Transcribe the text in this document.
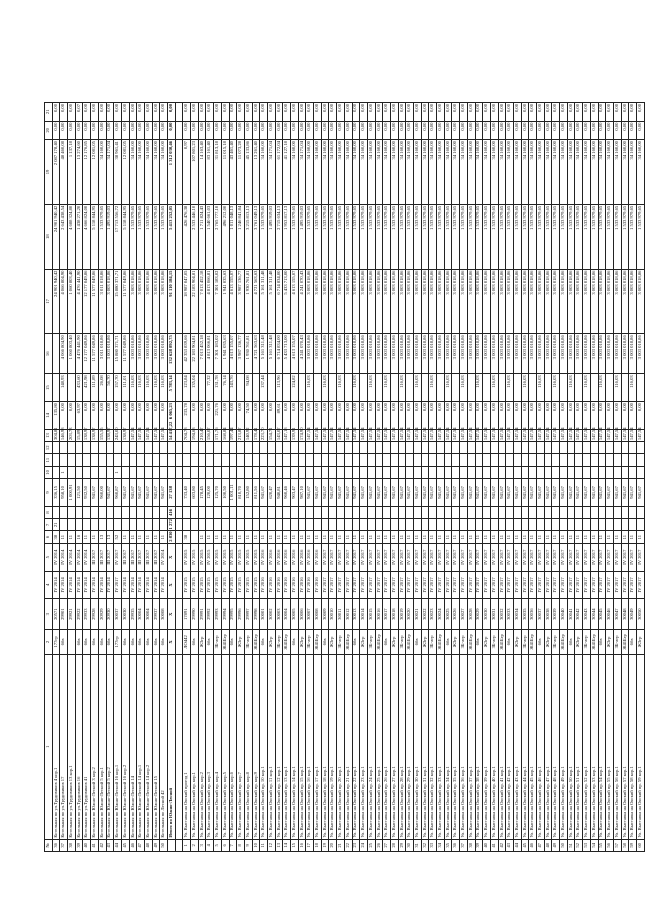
№	1	2	3	4	5	6	7	8	9	10	11	12	13	14	15	16	17	18	19	20	21
36	Котельная по ул.Трудовиков 4 кор.1	177гр	20571	IV 2014	IV 2014	38	21		336,15				304,81	135,80			24 901 940,42	24 901 940,42	2 087 178,40	0,00	0,00
37	Котельная по ул.Трудовиков 17	6бв	29901	IV 2014	IV 2014	11			958,10	1			146,98	0,00	148,93	4 066 804,90	4 066 804,90	2 643 438,54	48 460,08	0,00	0,00
38	Котельная по ул.Трудовиков 13 кор.1		29921	IV 2014	IV 2014	11			1 000,91				203,73	0,00		1 060 803,40	1 060 803,40	4 688 324,80	1 137,18	0,00	0,00
39	Котельная по ул.Трудовиков 16	6бв	29922	IV 2014	IV 2014	16			121,50				15,89	63,97	433,60	4 476 441,90	4 476 441,90	1 438 271,20	13 274,60	0,00	0,07
40	Котельная по ул.Трудовиков 41	6бв	29933	IV 2014	IV 2014	11			932,50				138,97	0,00	421,98	12 177 049,86	12 177 049,86	4 666 824,00	12 176,85	0,00	0,00
41	Котельная по Южно-Лесной 3 кор.2	6бв	29928	IV 2014	III 2017	11			941,67				138,97	0,00	111,89	11 577 049,86	11 577 049,86	5 118 844,95	12 081,05	0,00	0,00
42	Котельная по Южно-Лесной 5 кор.1	6бв	20929	IV 2014	III 2017	13			960,00				155,55	0,00	26,08	3 011 018,86	3 011 018,86	1 533 979,65	34 160,00	0,00	0,00
43	Котельная по Южно-Лесной 5 кор.2	6бв	20930	IV 2014	III 2017	13			941,67				138,97	0,00	56,70	3 003 018,86	3 003 018,86	1 495 919,03	34 171,04	0,00	0,00
44	Котельная по Южно-Лесной 16 кор.1	177гр	30037	IV 2017	IV 2017	52			960,87	1			243,00	0,00	157,70	15 880 371,71	15 880 371,71	17 713 556,72	38 961,41	0,00	0,00
45	Котельная по Южно-Лесной 16 кор.2	6бв	30030	IV 2014	III 2017	11			941,67				138,97	0,00	111,01	11 577 049,86	11 577 049,86	5 118 844,95	12 081,05	0,00	0,00
46	Котельная по Южно-Лесной 14	6бв	29935	IV 2014	III 2017	11			941,67				147,54	0,00	116,03	3 003 018,86	3 003 018,86	1 533 979,65	34 160,00	0,00	0,00
47	Котельная по Южно-Лесной 14 кор.1	6бв	30004	IV 2014	III 2017	11			941,67				147,54	0,00	116,03	3 003 018,86	3 003 018,86	1 533 979,65	34 160,00	0,00	0,00
48	Котельная по Южно-Лесной 14 кор.2	6бв	30004	IV 2014	III 2017	11			941,67				147,54	0,00	116,03	3 003 018,86	3 003 018,86	1 533 979,65	34 160,00	0,00	0,00
49	Котельная по Южно-Лесной 15	6бв	29937	IV 2014	III 2017	11			941,67				147,54	0,00	116,03	3 003 018,86	3 003 018,86	1 533 979,65	34 160,00	0,00	0,00
50	Котельная по Лесной 42	6бв	30008	IV 2014	IV 2014	11			941,67				147,54	0,00	116,03	3 003 018,86	3 003 018,86	1 533 979,65	34 160,00	0,00	0,00
	Итого по Южно-Лесной	X	X	X	X	2 830	1 272	416	27 138				14 417,22	6 065,23	5 783,14	132 628 892,75	91 110 184,15	5 413 252,05	1 312 030,46	0,00	0,00

1	Ул. Выставка на Окский проезд 1	ЛО442	17891	IV 2015	IV 2015	38			733,40				704,78	233,78	123,84	42 353 839,66	18 987 047,05	426 476,38	0,97	0,00	0,00
2	Ул. Выставка на Окский пр. кор.1	6бв	29990	IV 2015	IV 2015				603,80				194,68	0,00	135,04	22 183 904,81	22 183 904,81	2 533 446,10	107 801,23	0,00	0,00
3	Ул. Выставка на Окский пр. кор.2	Ж3гр	29991	IV 2015	IV 2015	11			178,45				210,47	0,00		7 013 452,18	7 013 452,18	1 711 824,43	14 163,40	0,00	0,00
4	Ул. Выставка на Окский пр. кор.3	6бв	29992	IV 2015	IV 2015	11			120,00				156,07	0,00	77,32	4 813 066,81	4 813 066,81	1 540 661,03	83 161,40	0,00	0,00
5	Ул. Выставка на Окский пр. кор.4	3Б-лгр	29993	IV 2015	IV 2015	11			125,70				171,76	221,76	131,78	7 301 183,02	7 301 183,02	2 765 777,10	31 813,18	0,00	0,00
6	Ул. Выставка на Окский пр. кор.5	Ж41Бгр	29994	IV 2015	IV 2015	11			100,50				168,84	0,00	76,14	1 941 035,63	1 941 035,63	496 212,00	11 015,18	0,00	0,00
7	Ул. Выставка на Окский пр. кор.6	6бв	29995	IV 2015	IV 2015	11			1 001,11				197,44	0,00	143,76	4 613 155,07	4 613 155,07	1 011 048,13	43 461,40	0,00	0,00
8	Ул. Выставка на Окский пр. кор.7	Ж3гр	29996	IV 2015	IV 2015	11			810,70				213,87	0,00		3 987 136,77	3 987 136,77	1 246 841,84	11 073,28	0,00	0,00
9	Ул. Выставка на Окский пр. кор.8	3Б-лгр	29997	IV 2015	IV 2015	11			152,80				140,92	74,50	94,08	1 930 761,81	1 930 761,81	3 215 813,13	45 133,86	0,00	0,00
10	Ул. Выставка на Окский пр. кор.9	Ж41Бгр	29998	IV 2015	IV 2015	11			811,56				178,41	0,00		4 721 563,63	4 721 563,63	3 761 049,13	13 261,40	0,00	0,00
11	Ул. Выставка на Окский пр. 10 кор.1	6бв	30001	IV 2016	IV 2016	11			941,67				223,70	0,00	137,44	5 161 311,48	5 161 311,48	1 533 979,65	34 160,00	0,00	0,00
12	Ул. Выставка на Окский пр. 11 кор.1	Ж3гр	30002	IV 2016	IV 2016	11			620,47				154,71	0,00		5 161 311,48	5 161 311,48	1 495 919,03	34 171,04	0,00	0,00
13	Ул. Выставка на Окский пр. 12 кор.1	3Б-лгр	30003	IV 2016	IV 2016	11			940,81				143,07	89,61	113,96	6 714 834,00	6 714 834,00	2 715 634,13	61 172,04	0,00	0,00
14	Ул. Выставка на Окский пр. 13 кор.1	Ж41Бгр	30004	IV 2016	IV 2016	11			960,46				147,18	0,00		5 433 713,00	5 433 713,00	1 953 817,13	41 127,18	0,00	0,00
15	Ул. Выставка на Окский пр. 14 кор.1	6бв	30005	IV 2016	IV 2016	11			903,47				139,91	0,00	124,82	4 613 155,07	4 613 155,07	1 533 979,65	34 160,00	0,00	0,00
16	Ул. Выставка на Окский пр. 15 кор.1	Ж3гр	30006	IV 2016	IV 2016	11			987,10				174,90	0,00		4 241 070,43	4 241 070,43	1 495 919,03	34 171,04	0,00	0,00
17	Ул. Выставка на Окский пр. 16 кор.1	3Б-лгр	30007	IV 2016	IV 2016	11			941,67				147,54	0,00	116,03	3 003 018,86	3 003 018,86	1 533 979,65	34 160,00	0,00	0,00
18	Ул. Выставка на Окский пр. 17 кор.1	Ж41Бгр	30008	IV 2016	IV 2016	11			941,67				147,54	0,00		3 003 018,86	3 003 018,86	1 533 979,65	34 160,00	0,00	0,00
19	Ул. Выставка на Окский пр. 18 кор.1	6бв	30009	IV 2017	IV 2017	11			941,67				147,54	0,00	116,03	3 003 018,86	3 003 018,86	1 533 979,65	34 160,00	0,00	0,00
20	Ул. Выставка на Окский пр. 19 кор.1	Ж3гр	30010	IV 2017	IV 2017	11			941,67				147,54	0,00		3 003 018,86	3 003 018,86	1 533 979,65	34 160,00	0,00	0,00
21	Ул. Выставка на Окский пр. 20 кор.1	3Б-лгр	30011	IV 2017	IV 2017	11			941,67				147,54	0,00	116,03	3 003 018,86	3 003 018,86	1 533 979,65	34 160,00	0,00	0,00
22	Ул. Выставка на Окский пр. 21 кор.1	Ж41Бгр	30012	IV 2017	IV 2017	11			941,67				147,54	0,00		3 003 018,86	3 003 018,86	1 533 979,65	34 160,00	0,00	0,00
23	Ул. Выставка на Окский пр. 22 кор.1	6бв	30013	IV 2017	IV 2017	11			941,67				147,54	0,00	116,03	3 003 018,86	3 003 018,86	1 533 979,65	34 160,00	0,00	0,00
24	Ул. Выставка на Окский пр. 23 кор.1	Ж3гр	30014	IV 2017	IV 2017	11			941,67				147,54	0,00		3 003 018,86	3 003 018,86	1 533 979,65	34 160,00	0,00	0,00
25	Ул. Выставка на Окский пр. 24 кор.1	3Б-лгр	30015	IV 2017	IV 2017	11			941,67				147,54	0,00	116,03	3 003 018,86	3 003 018,86	1 533 979,65	34 160,00	0,00	0,00
26	Ул. Выставка на Окский пр. 25 кор.1	Ж41Бгр	30016	IV 2017	IV 2017	11			941,67				147,54	0,00		3 003 018,86	3 003 018,86	1 533 979,65	34 160,00	0,00	0,00
27	Ул. Выставка на Окский пр. 26 кор.1	6бв	30017	IV 2017	IV 2017	11			941,67				147,54	0,00	116,03	3 003 018,86	3 003 018,86	1 533 979,65	34 160,00	0,00	0,00
28	Ул. Выставка на Окский пр. 27 кор.1	Ж3гр	30018	IV 2017	IV 2017	11			941,67				147,54	0,00		3 003 018,86	3 003 018,86	1 533 979,65	34 160,00	0,00	0,00
29	Ул. Выставка на Окский пр. 28 кор.1	3Б-лгр	30019	IV 2017	IV 2017	11			941,67				147,54	0,00	116,03	3 003 018,86	3 003 018,86	1 533 979,65	34 160,00	0,00	0,00
30	Ул. Выставка на Окский пр. 29 кор.1	Ж41Бгр	30020	IV 2017	IV 2017	11			941,67				147,54	0,00		3 003 018,86	3 003 018,86	1 533 979,65	34 160,00	0,00	0,00
31	Ул. Выставка на Окский пр. 30 кор.1	6бв	30021	IV 2017	IV 2017	11			941,67				147,54	0,00	116,03	3 003 018,86	3 003 018,86	1 533 979,65	34 160,00	0,00	0,00
32	Ул. Выставка на Окский пр. 31 кор.1	Ж3гр	30022	IV 2017	IV 2017	11			941,67				147,54	0,00		3 003 018,86	3 003 018,86	1 533 979,65	34 160,00	0,00	0,00
33	Ул. Выставка на Окский пр. 32 кор.1	3Б-лгр	30023	IV 2017	IV 2017	11			941,67				147,54	0,00	116,03	3 003 018,86	3 003 018,86	1 533 979,65	34 160,00	0,00	0,00
34	Ул. Выставка на Окский пр. 33 кор.1	Ж41Бгр	30024	IV 2017	IV 2017	11			941,67				147,54	0,00		3 003 018,86	3 003 018,86	1 533 979,65	34 160,00	0,00	0,00
35	Ул. Выставка на Окский пр. 34 кор.1	6бв	30025	IV 2017	IV 2017	11			941,67				147,54	0,00	116,03	3 003 018,86	3 003 018,86	1 533 979,65	34 160,00	0,00	0,00
36	Ул. Выставка на Окский пр. 35 кор.1	Ж3гр	30026	IV 2017	IV 2017	11			941,67				147,54	0,00		3 003 018,86	3 003 018,86	1 533 979,65	34 160,00	0,00	0,00
37	Ул. Выставка на Окский пр. 36 кор.1	3Б-лгр	30027	IV 2017	IV 2017	11			941,67				147,54	0,00	116,03	3 003 018,86	3 003 018,86	1 533 979,65	34 160,00	0,00	0,00
38	Ул. Выставка на Окский пр. 37 кор.1	Ж41Бгр	30028	IV 2017	IV 2017	11			941,67				147,54	0,00		3 003 018,86	3 003 018,86	1 533 979,65	34 160,00	0,00	0,00
39	Ул. Выставка на Окский пр. 38 кор.1	6бв	30029	IV 2017	IV 2017	11			941,67				147,54	0,00	116,03	3 003 018,86	3 003 018,86	1 533 979,65	34 160,00	0,00	0,00
40	Ул. Выставка на Окский пр. 39 кор.1	Ж3гр	30030	IV 2017	IV 2017	11			941,67				147,54	0,00		3 003 018,86	3 003 018,86	1 533 979,65	34 160,00	0,00	0,00
41	Ул. Выставка на Окский пр. 40 кор.1	3Б-лгр	30031	IV 2017	IV 2017	11			941,67				147,54	0,00	116,03	3 003 018,86	3 003 018,86	1 533 979,65	34 160,00	0,00	0,00
42	Ул. Выставка на Окский пр. 41 кор.1	Ж41Бгр	30032	IV 2017	IV 2017	11			941,67				147,54	0,00		3 003 018,86	3 003 018,86	1 533 979,65	34 160,00	0,00	0,00
43	Ул. Выставка на Окский пр. 42 кор.1	6бв	30033	IV 2017	IV 2017	11			941,67				147,54	0,00	116,03	3 003 018,86	3 003 018,86	1 533 979,65	34 160,00	0,00	0,00
44	Ул. Выставка на Окский пр. 43 кор.1	Ж3гр	30034	IV 2017	IV 2017	11			941,67				147,54	0,00		3 003 018,86	3 003 018,86	1 533 979,65	34 160,00	0,00	0,00
45	Ул. Выставка на Окский пр. 44 кор.1	3Б-лгр	30035	IV 2017	IV 2017	11			941,67				147,54	0,00	116,03	3 003 018,86	3 003 018,86	1 533 979,65	34 160,00	0,00	0,00
46	Ул. Выставка на Окский пр. 45 кор.1	Ж41Бгр	30036	IV 2017	IV 2017	11			941,67				147,54	0,00		3 003 018,86	3 003 018,86	1 533 979,65	34 160,00	0,00	0,00
47	Ул. Выставка на Окский пр. 46 кор.1	6бв	30037	IV 2017	IV 2017	11			941,67				147,54	0,00	116,03	3 003 018,86	3 003 018,86	1 533 979,65	34 160,00	0,00	0,00
48	Ул. Выставка на Окский пр. 47 кор.1	Ж3гр	30038	IV 2017	IV 2017	11			941,67				147,54	0,00		3 003 018,86	3 003 018,86	1 533 979,65	34 160,00	0,00	0,00
49	Ул. Выставка на Окский пр. 48 кор.1	3Б-лгр	30039	IV 2017	IV 2017	11			941,67				147,54	0,00	116,03	3 003 018,86	3 003 018,86	1 533 979,65	34 160,00	0,00	0,00
50	Ул. Выставка на Окский пр. 49 кор.1	Ж41Бгр	30040	IV 2017	IV 2017	11			941,67				147,54	0,00		3 003 018,86	3 003 018,86	1 533 979,65	34 160,00	0,00	0,00
51	Ул. Выставка на Окский пр. 50 кор.1	6бв	30041	IV 2017	IV 2017	11			941,67				147,54	0,00	116,03	3 003 018,86	3 003 018,86	1 533 979,65	34 160,00	0,00	0,00
52	Ул. Выставка на Окский пр. 51 кор.1	Ж3гр	30042	IV 2017	IV 2017	11			941,67				147,54	0,00		3 003 018,86	3 003 018,86	1 533 979,65	34 160,00	0,00	0,00
53	Ул. Выставка на Окский пр. 52 кор.1	3Б-лгр	30043	IV 2017	IV 2017	11			941,67				147,54	0,00	116,03	3 003 018,86	3 003 018,86	1 533 979,65	34 160,00	0,00	0,00
54	Ул. Выставка на Окский пр. 53 кор.1	Ж41Бгр	30044	IV 2017	IV 2017	11			941,67				147,54	0,00		3 003 018,86	3 003 018,86	1 533 979,65	34 160,00	0,00	0,00
55	Ул. Выставка на Окский пр. 54 кор.1	6бв	30045	IV 2017	IV 2017	11			941,67				147,54	0,00	116,03	3 003 018,86	3 003 018,86	1 533 979,65	34 160,00	0,00	0,00
56	Ул. Выставка на Окский пр. 55 кор.1	Ж3гр	30046	IV 2017	IV 2017	11			941,67				147,54	0,00		3 003 018,86	3 003 018,86	1 533 979,65	34 160,00	0,00	0,00
57	Ул. Выставка на Окский пр. 56 кор.1	3Б-лгр	30047	IV 2017	IV 2017	11			941,67				147,54	0,00	116,03	3 003 018,86	3 003 018,86	1 533 979,65	34 160,00	0,00	0,00
58	Ул. Выставка на Окский пр. 57 кор.1	Ж41Бгр	30048	IV 2017	IV 2017	11			941,67				147,54	0,00		3 003 018,86	3 003 018,86	1 533 979,65	34 160,00	0,00	0,00
59	Ул. Выставка на Окский пр. 58 кор.1	6бв	30049	IV 2017	IV 2017	11			941,67				147,54	0,00	116,03	3 003 018,86	3 003 018,86	1 533 979,65	34 160,00	0,00	0,00
60	Ул. Выставка на Окский пр. 59 кор.1	Ж3гр	30050	IV 2017	IV 2017	11			941,67				147,54	0,00		3 003 018,86	3 003 018,86	1 533 979,65	34 160,00	0,00	0,00
